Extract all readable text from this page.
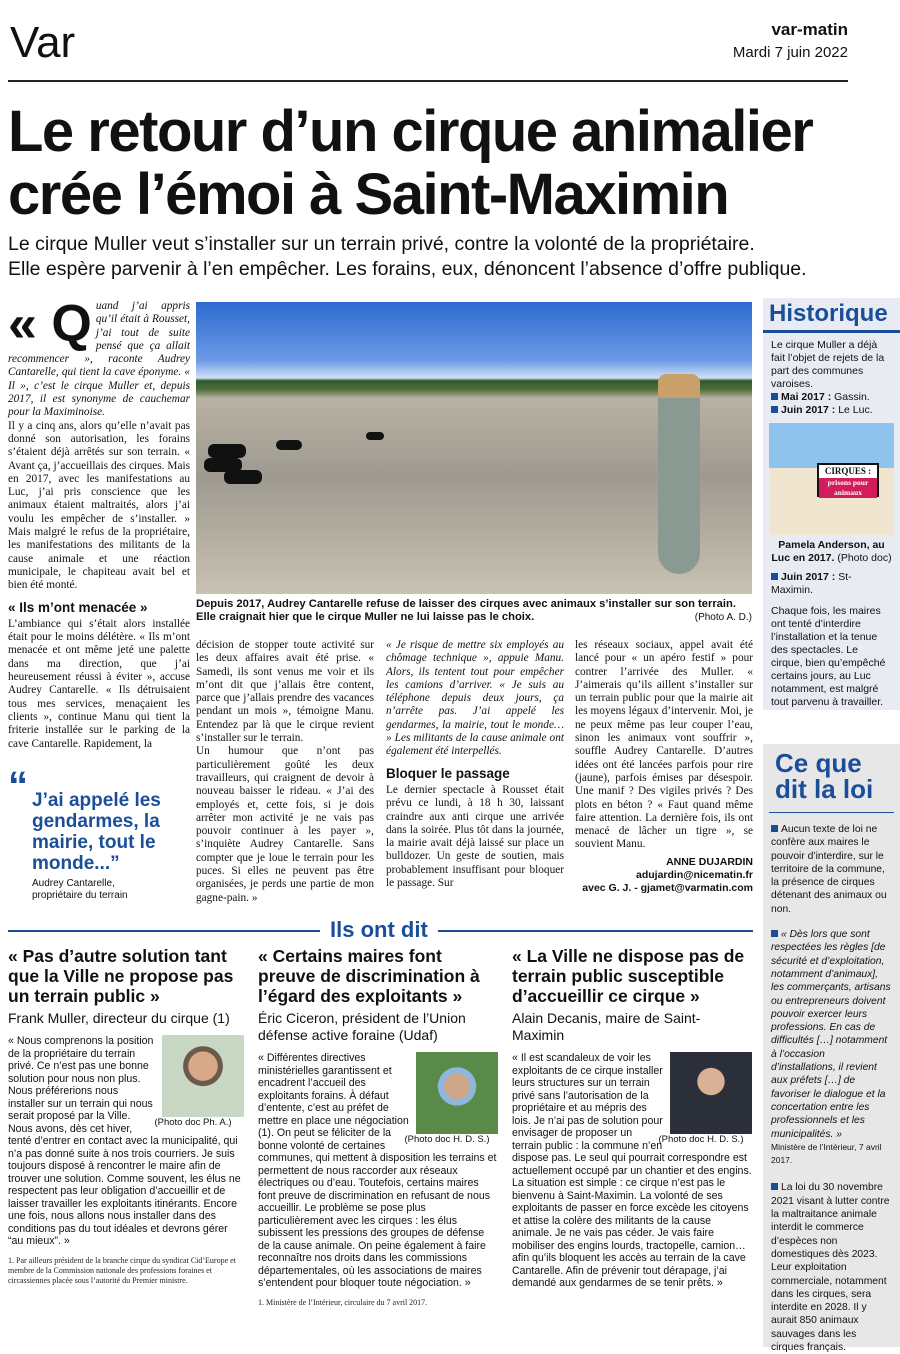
Var	var-matin
Mardi 7 juin 2022
Le retour d’un cirque animalier
crée l’émoi à Saint-Maximin
Le cirque Muller veut s’installer sur un terrain privé, contre la volonté de la propriétaire.
Elle espère parvenir à l’en empêcher. Les forains, eux, dénoncent l’absence d’offre publique.
« Q uand j’ai appris qu’il était à Rousset, j’ai tout de suite pensé que ça allait recommencer », raconte Audrey Cantarelle, qui tient la cave éponyme. « Il », c’est le cirque Muller et, depuis 2017, il est synonyme de cauchemar pour la Maximinoise.

Il y a cinq ans, alors qu’elle n’avait pas donné son autorisation, les forains s’étaient déjà arrêtés sur son terrain. « Avant ça, j’accueillais des cirques. Mais en 2017, avec les manifestations au Luc, j’ai pris conscience que les animaux étaient maltraités, alors j’ai voulu les empêcher de s’installer. » Mais malgré le refus de la propriétaire, les manifestations des militants de la cause animale et une réaction municipale, le chapiteau avait bel et bien été monté.

« Ils m’ont menacée »

L’ambiance qui s’était alors installée était pour le moins délétère. « Ils m’ont menacée et ont même jeté une palette dans ma direction, que j’ai heureusement réussi à éviter », accuse Audrey Cantarelle. « Ils détruisaient tous mes services, menaçaient les clients », continue Manu qui tient la friterie installée sur le parking de la cave Cantarelle. Rapidement, la

Depuis 2017, Audrey Cantarelle refuse de laisser des cirques avec animaux s’installer sur son terrain. Elle craignait hier que le cirque Muller ne lui laisse pas le choix.	(Photo A. D.)
“ J’ai appelé les gendarmes, la mairie, tout le monde...”
Audrey Cantarelle,
propriétaire du terrain

décision de stopper toute activité sur les deux affaires avait été prise. « Samedi, ils sont venus me voir et ils m’ont dit que j’allais être content, parce que j’allais prendre des vacances pendant un mois », témoigne Manu. Entendez par là que le cirque revient s’installer sur le terrain.

Un humour que n’ont pas particulièrement goûté les deux travailleurs, qui craignent de devoir à nouveau baisser le rideau. « J’ai des employés et, cette fois, si je dois arrêter mon activité je ne vais pas pouvoir continuer à les payer », s’inquiète Audrey Cantarelle. Sans compter que je loue le terrain pour les puces. Si elles ne peuvent pas être organisées, je perds une partie de mon gagne-pain. »

« Je risque de mettre six employés au chômage technique », appuie Manu. Alors, ils tentent tout pour empêcher les camions d’arriver. « Je suis au téléphone depuis deux jours, ça n’arrête pas. J’ai appelé les gendarmes, la mairie, tout le monde… » Les militants de la cause animale ont également été interpellés.

Bloquer le passage

Le dernier spectacle à Rousset était prévu ce lundi, à 18 h 30, laissant craindre aux anti cirque une arrivée dans la soirée. Plus tôt dans la journée, la mairie avait déjà laissé sur place un bulldozer. Un geste de soutien, mais probablement insuffisant pour bloquer le passage. Sur

les réseaux sociaux, appel avait été lancé pour « un apéro festif » pour contrer l’arrivée des Muller. « J’aimerais qu’ils aillent s’installer sur un terrain public pour que la mairie ait les moyens légaux d’intervenir. Moi, je ne peux même pas leur couper l’eau, sinon les animaux vont souffrir », souffle Audrey Cantarelle. D’autres idées ont été lancées parfois pour rire (jaune), parfois émises par désespoir. Une manif ? Des vigiles privés ? Des plots en béton ? « Faut quand même faire attention. La dernière fois, ils ont menacé de lâcher un tigre », se souvient Manu.

ANNE DUJARDIN
adujardin@nicematin.fr
avec G. J. - gjamet@varmatin.com
Historique
Le cirque Muller a déjà fait l’objet de rejets de la part des communes varoises.
Mai 2017 : Gassin.
Juin 2017 : Le Luc.
CIRQUES :
prisons pour animaux
Pamela Anderson, au Luc en 2017. (Photo doc)
Juin 2017 : St-Maximin.
Chaque fois, les maires ont tenté d’interdire l’installation et la tenue des spectacles. Le cirque, bien qu’empêché certains jours, au Luc notamment, est malgré tout parvenu à travailler.
Ce que
dit la loi
Aucun texte de loi ne confère aux maires le pouvoir d’interdire, sur le territoire de la commune, la présence de cirques détenant des animaux ou non.
« Dès lors que sont respectées les règles [de sécurité et d’exploitation, notamment d’animaux], les commerçants, artisans ou entrepreneurs doivent pouvoir exercer leurs professions. En cas de difficultés […] notamment à l’occasion d’installations, il revient aux préfets […] de favoriser le dialogue et la concertation entre les professionnels et les municipalités. »
Ministère de l’Intérieur, 7 avril 2017.
La loi du 30 novembre 2021 visant à lutter contre la maltraitance animale interdit le commerce d’espèces non domestiques dès 2023. Leur exploitation commerciale, notamment dans les cirques, sera interdite en 2028. Il y aurait 850 animaux sauvages dans les cirques français.
Ils ont dit
« Pas d’autre solution tant que la Ville ne propose pas un terrain public »
Frank Muller, directeur du cirque (1)
(Photo doc Ph. A.)
« Nous comprenons la position de la propriétaire du terrain privé. Ce n’est pas une bonne solution pour nous non plus. Nous préférerions nous installer sur un terrain qui nous serait proposé par la Ville. Nous avons, dès cet hiver, tenté d’entrer en contact avec la municipalité, qui n’a pas donné suite à nos trois courriers. Je suis toujours disposé à rencontrer le maire afin de trouver une solution. Comme souvent, les élus ne respectent pas leur obligation d’accueillir et de laisser travailler les exploitants itinérants. Encore une fois, nous allons nous installer dans des conditions pas du tout idéales et devrons gérer “au mieux”. »
1. Par ailleurs président de la branche cirque du syndicat Cid’Europe et membre de la Commission nationale des professions foraines et circassiennes placée sous l’autorité du Premier ministre.
« Certains maires font preuve de discrimination à l’égard des exploitants »
Éric Ciceron, président de l’Union défense active foraine (Udaf)
(Photo doc H. D. S.)
« Différentes directives ministérielles garantissent et encadrent l’accueil des exploitants forains. À défaut d’entente, c’est au préfet de mettre en place une négociation (1). On peut se féliciter de la bonne volonté de certaines communes, qui mettent à disposition les terrains et permettent de nous raccorder aux réseaux électriques ou d’eau. Toutefois, certains maires font preuve de discrimination en refusant de nous accueillir. Le problème se pose plus particulièrement avec les cirques : les élus subissent les pressions des groupes de défense de la cause animale. On peine également à faire reconnaître nos droits dans les commissions départementales, où les associations de maires s’entendent pour bloquer toute négociation. »
1. Ministère de l’Intérieur, circulaire du 7 avril 2017.
« La Ville ne dispose pas de terrain public susceptible d’accueillir ce cirque »
Alain Decanis, maire de Saint-Maximin
(Photo doc H. D. S.)
« Il est scandaleux de voir les exploitants de ce cirque installer leurs structures sur un terrain privé sans l’autorisation de la propriétaire et au mépris des lois. Je n’ai pas de solution pour envisager de proposer un terrain public : la commune n’en dispose pas. Le seul qui pourrait correspondre est actuellement occupé par un chantier et des engins. La situation est simple : ce cirque n’est pas le bienvenu à Saint-Maximin. La volonté de ses exploitants de passer en force excède les citoyens et attise la colère des militants de la cause animale. Je ne vais pas céder. Je vais faire mobiliser des engins lourds, tractopelle, camion… afin qu’ils bloquent les accès au terrain de la cave Cantarelle. Afin de prévenir tout dérapage, j’ai demandé aux gendarmes de se tenir prêts. »
